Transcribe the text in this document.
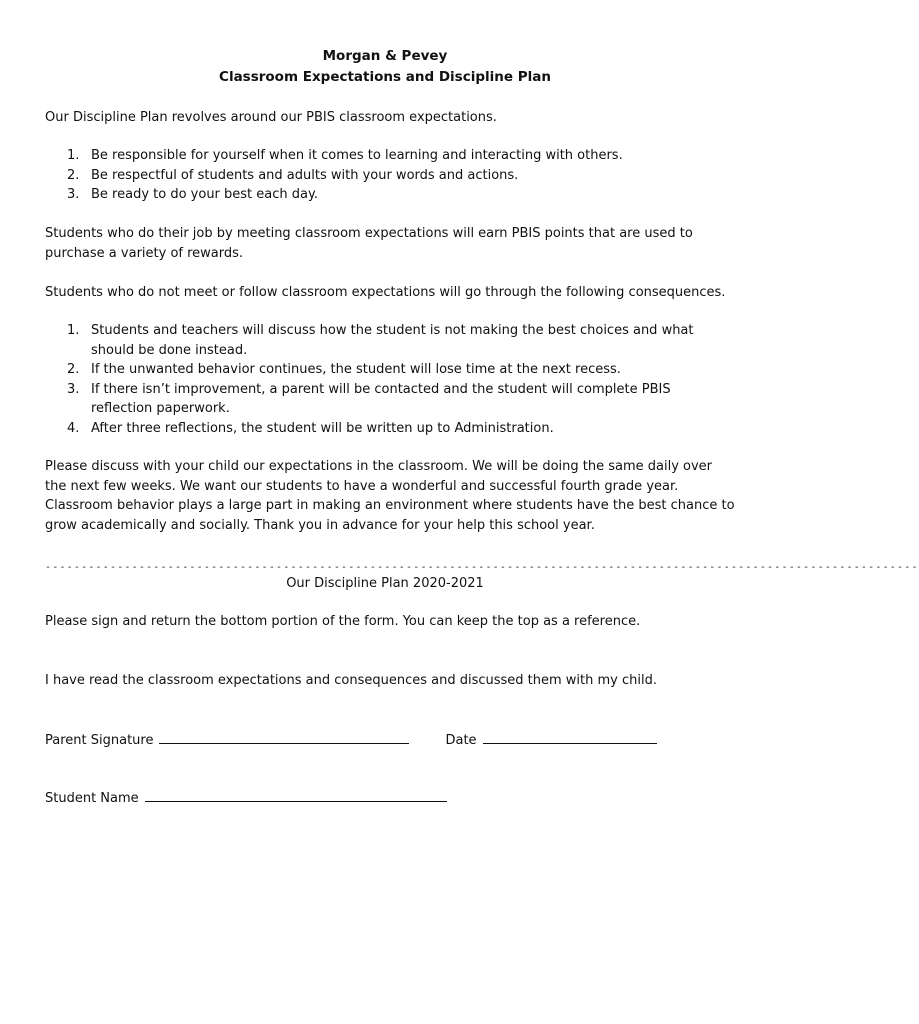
Morgan & Pevey
Classroom Expectations and Discipline Plan

Our Discipline Plan revolves around our PBIS classroom expectations.

1. Be responsible for yourself when it comes to learning and interacting with others.
2. Be respectful of students and adults with your words and actions.
3. Be ready to do your best each day.

Students who do their job by meeting classroom expectations will earn PBIS points that are used to purchase a variety of rewards.

Students who do not meet or follow classroom expectations will go through the following consequences.

1. Students and teachers will discuss how the student is not making the best choices and what should be done instead.
2. If the unwanted behavior continues, the student will lose time at the next recess.
3. If there isn’t improvement, a parent will be contacted and the student will complete PBIS reflection paperwork.
4. After three reflections, the student will be written up to Administration.

Please discuss with your child our expectations in the classroom. We will be doing the same daily over the next few weeks. We want our students to have a wonderful and successful fourth grade year. Classroom behavior plays a large part in making an environment where students have the best chance to grow academically and socially. Thank you in advance for your help this school year.

-------------------------------------------------------------------------------------------------------------------------
Our Discipline Plan 2020-2021

Please sign and return the bottom portion of the form. You can keep the top as a reference.

I have read the classroom expectations and consequences and discussed them with my child.

Parent Signature	Date
Student Name
